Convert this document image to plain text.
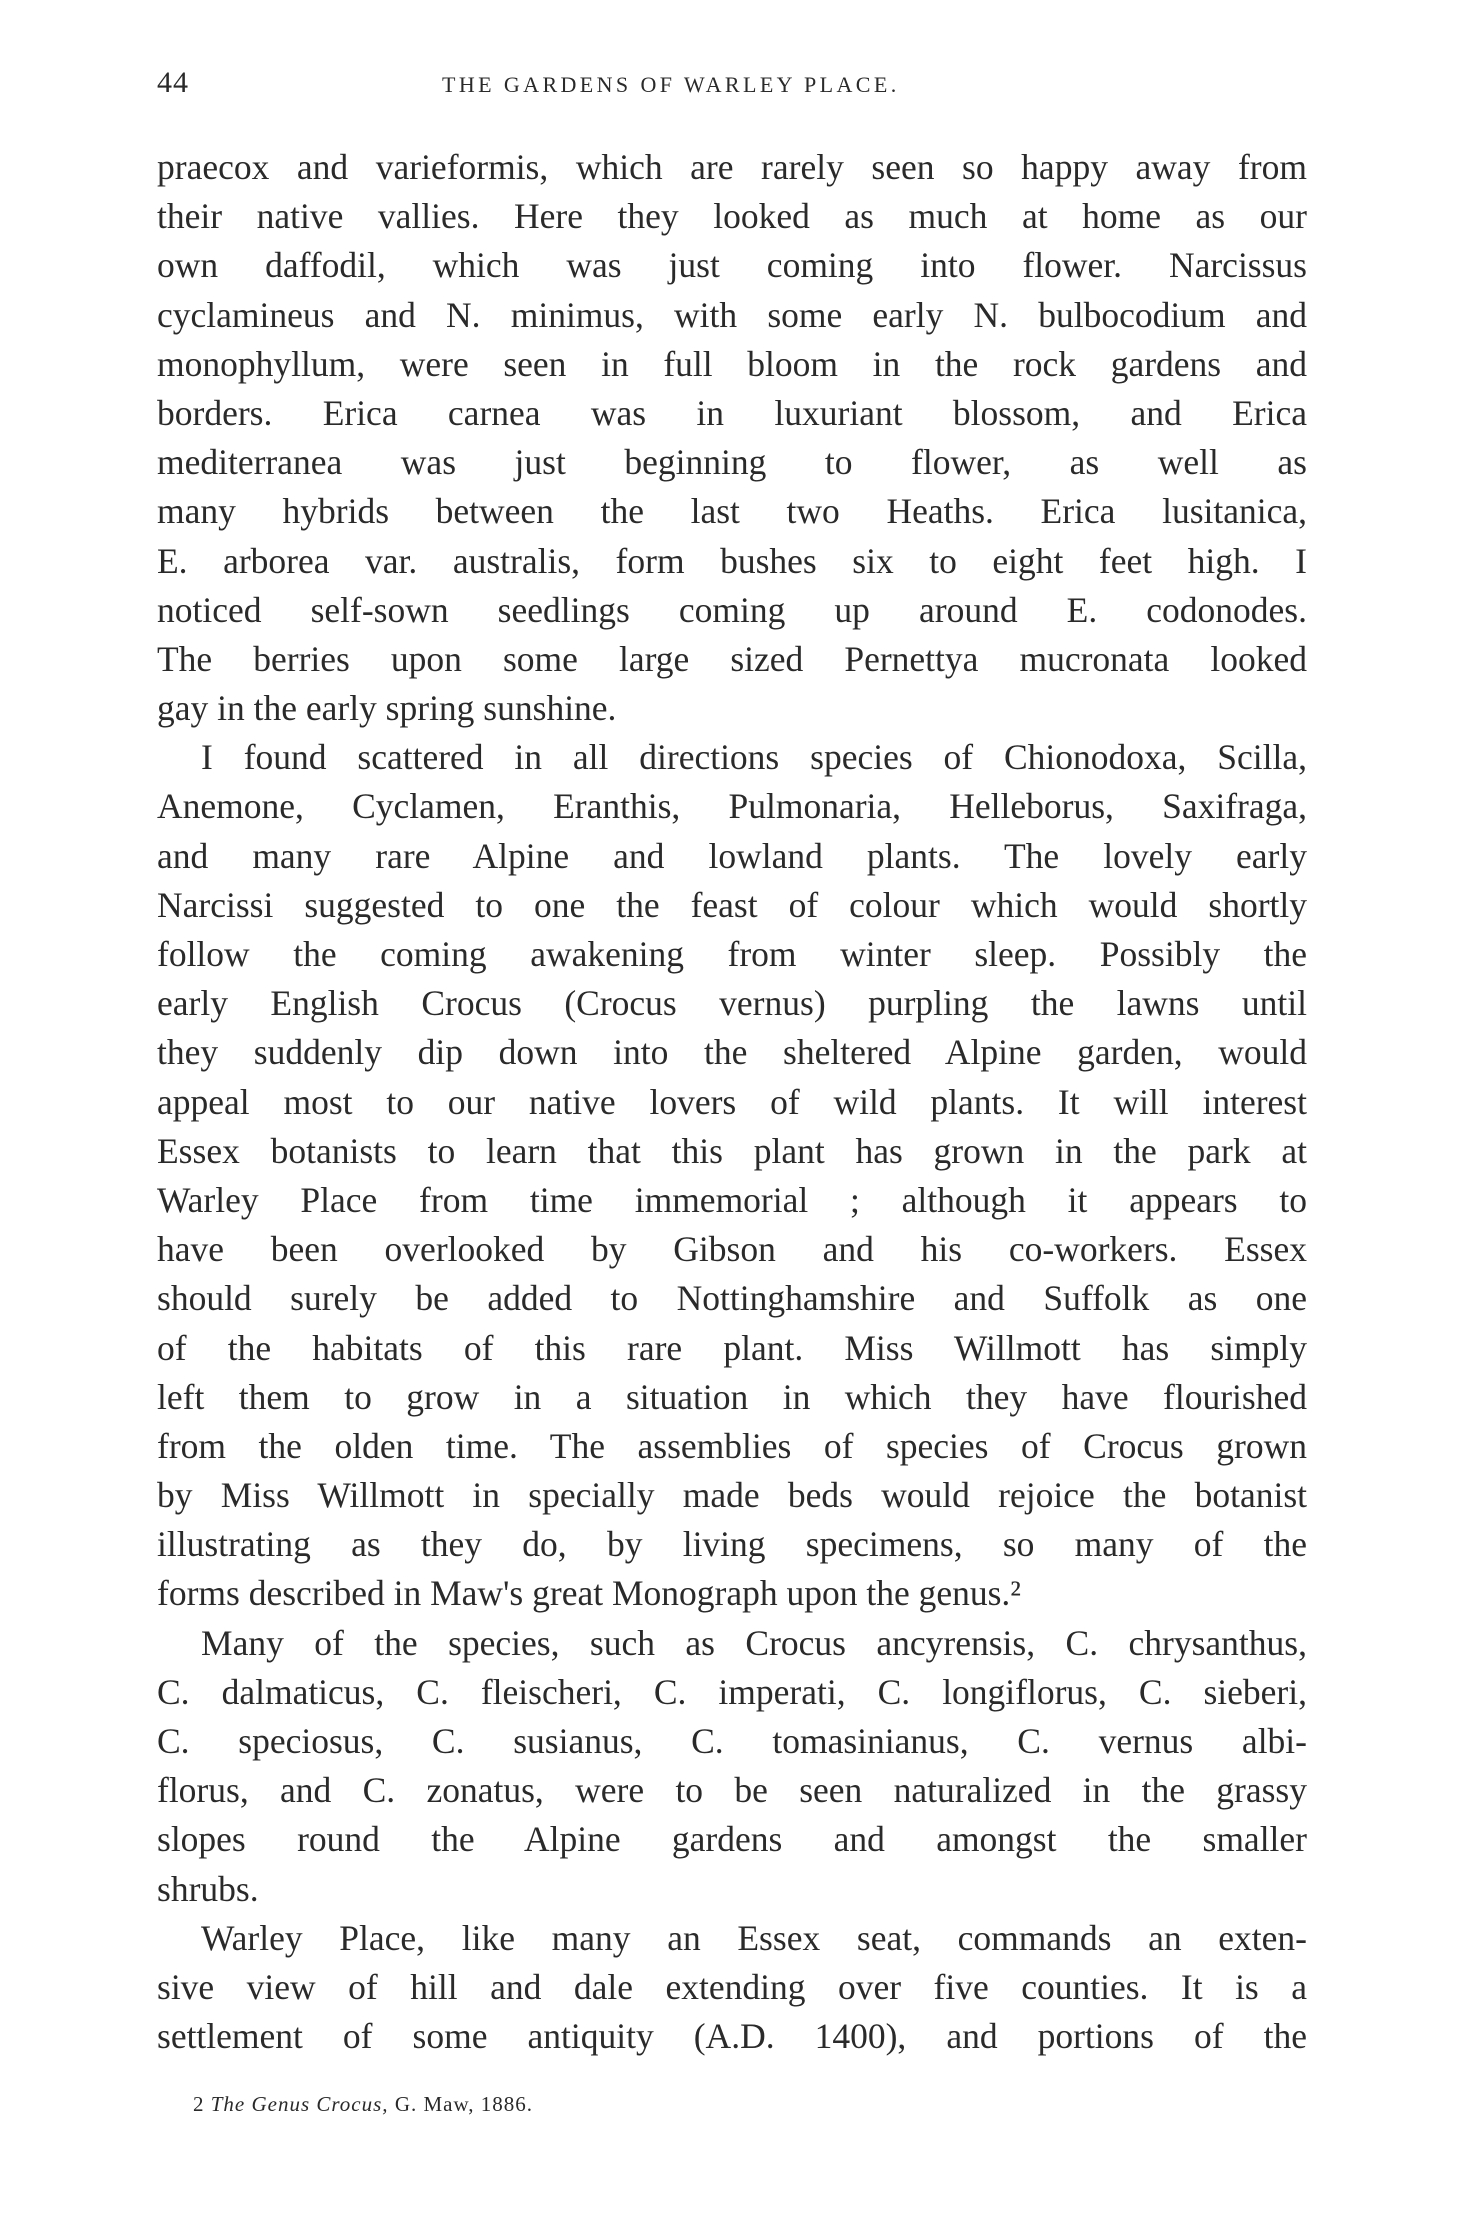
44	THE GARDENS OF WARLEY PLACE.
praecox and varieformis, which are rarely seen so happy away from
their native vallies. Here they looked as much at home as our
own daffodil, which was just coming into flower. Narcissus
cyclamineus and N. minimus, with some early N. bulbocodium and
monophyllum, were seen in full bloom in the rock gardens and
borders. Erica carnea was in luxuriant blossom, and Erica
mediterranea was just beginning to flower, as well as
many hybrids between the last two Heaths. Erica lusitanica,
E. arborea var. australis, form bushes six to eight feet high. I
noticed self-sown seedlings coming up around E. codonodes.
The berries upon some large sized Pernettya mucronata looked
gay in the early spring sunshine.
I found scattered in all directions species of Chionodoxa, Scilla,
Anemone, Cyclamen, Eranthis, Pulmonaria, Helleborus, Saxifraga,
and many rare Alpine and lowland plants. The lovely early
Narcissi suggested to one the feast of colour which would shortly
follow the coming awakening from winter sleep. Possibly the
early English Crocus (Crocus vernus) purpling the lawns until
they suddenly dip down into the sheltered Alpine garden, would
appeal most to our native lovers of wild plants. It will interest
Essex botanists to learn that this plant has grown in the park at
Warley Place from time immemorial ; although it appears to
have been overlooked by Gibson and his co-workers. Essex
should surely be added to Nottinghamshire and Suffolk as one
of the habitats of this rare plant. Miss Willmott has simply
left them to grow in a situation in which they have flourished
from the olden time. The assemblies of species of Crocus grown
by Miss Willmott in specially made beds would rejoice the botanist
illustrating as they do, by living specimens, so many of the
forms described in Maw's great Monograph upon the genus.²
Many of the species, such as Crocus ancyrensis, C. chrysanthus,
C. dalmaticus, C. fleischeri, C. imperati, C. longiflorus, C. sieberi,
C. speciosus, C. susianus, C. tomasinianus, C. vernus albi-
florus, and C. zonatus, were to be seen naturalized in the grassy
slopes round the Alpine gardens and amongst the smaller
shrubs.
Warley Place, like many an Essex seat, commands an exten-
sive view of hill and dale extending over five counties. It is a
settlement of some antiquity (A.D. 1400), and portions of the
2 The Genus Crocus, G. Maw, 1886.
